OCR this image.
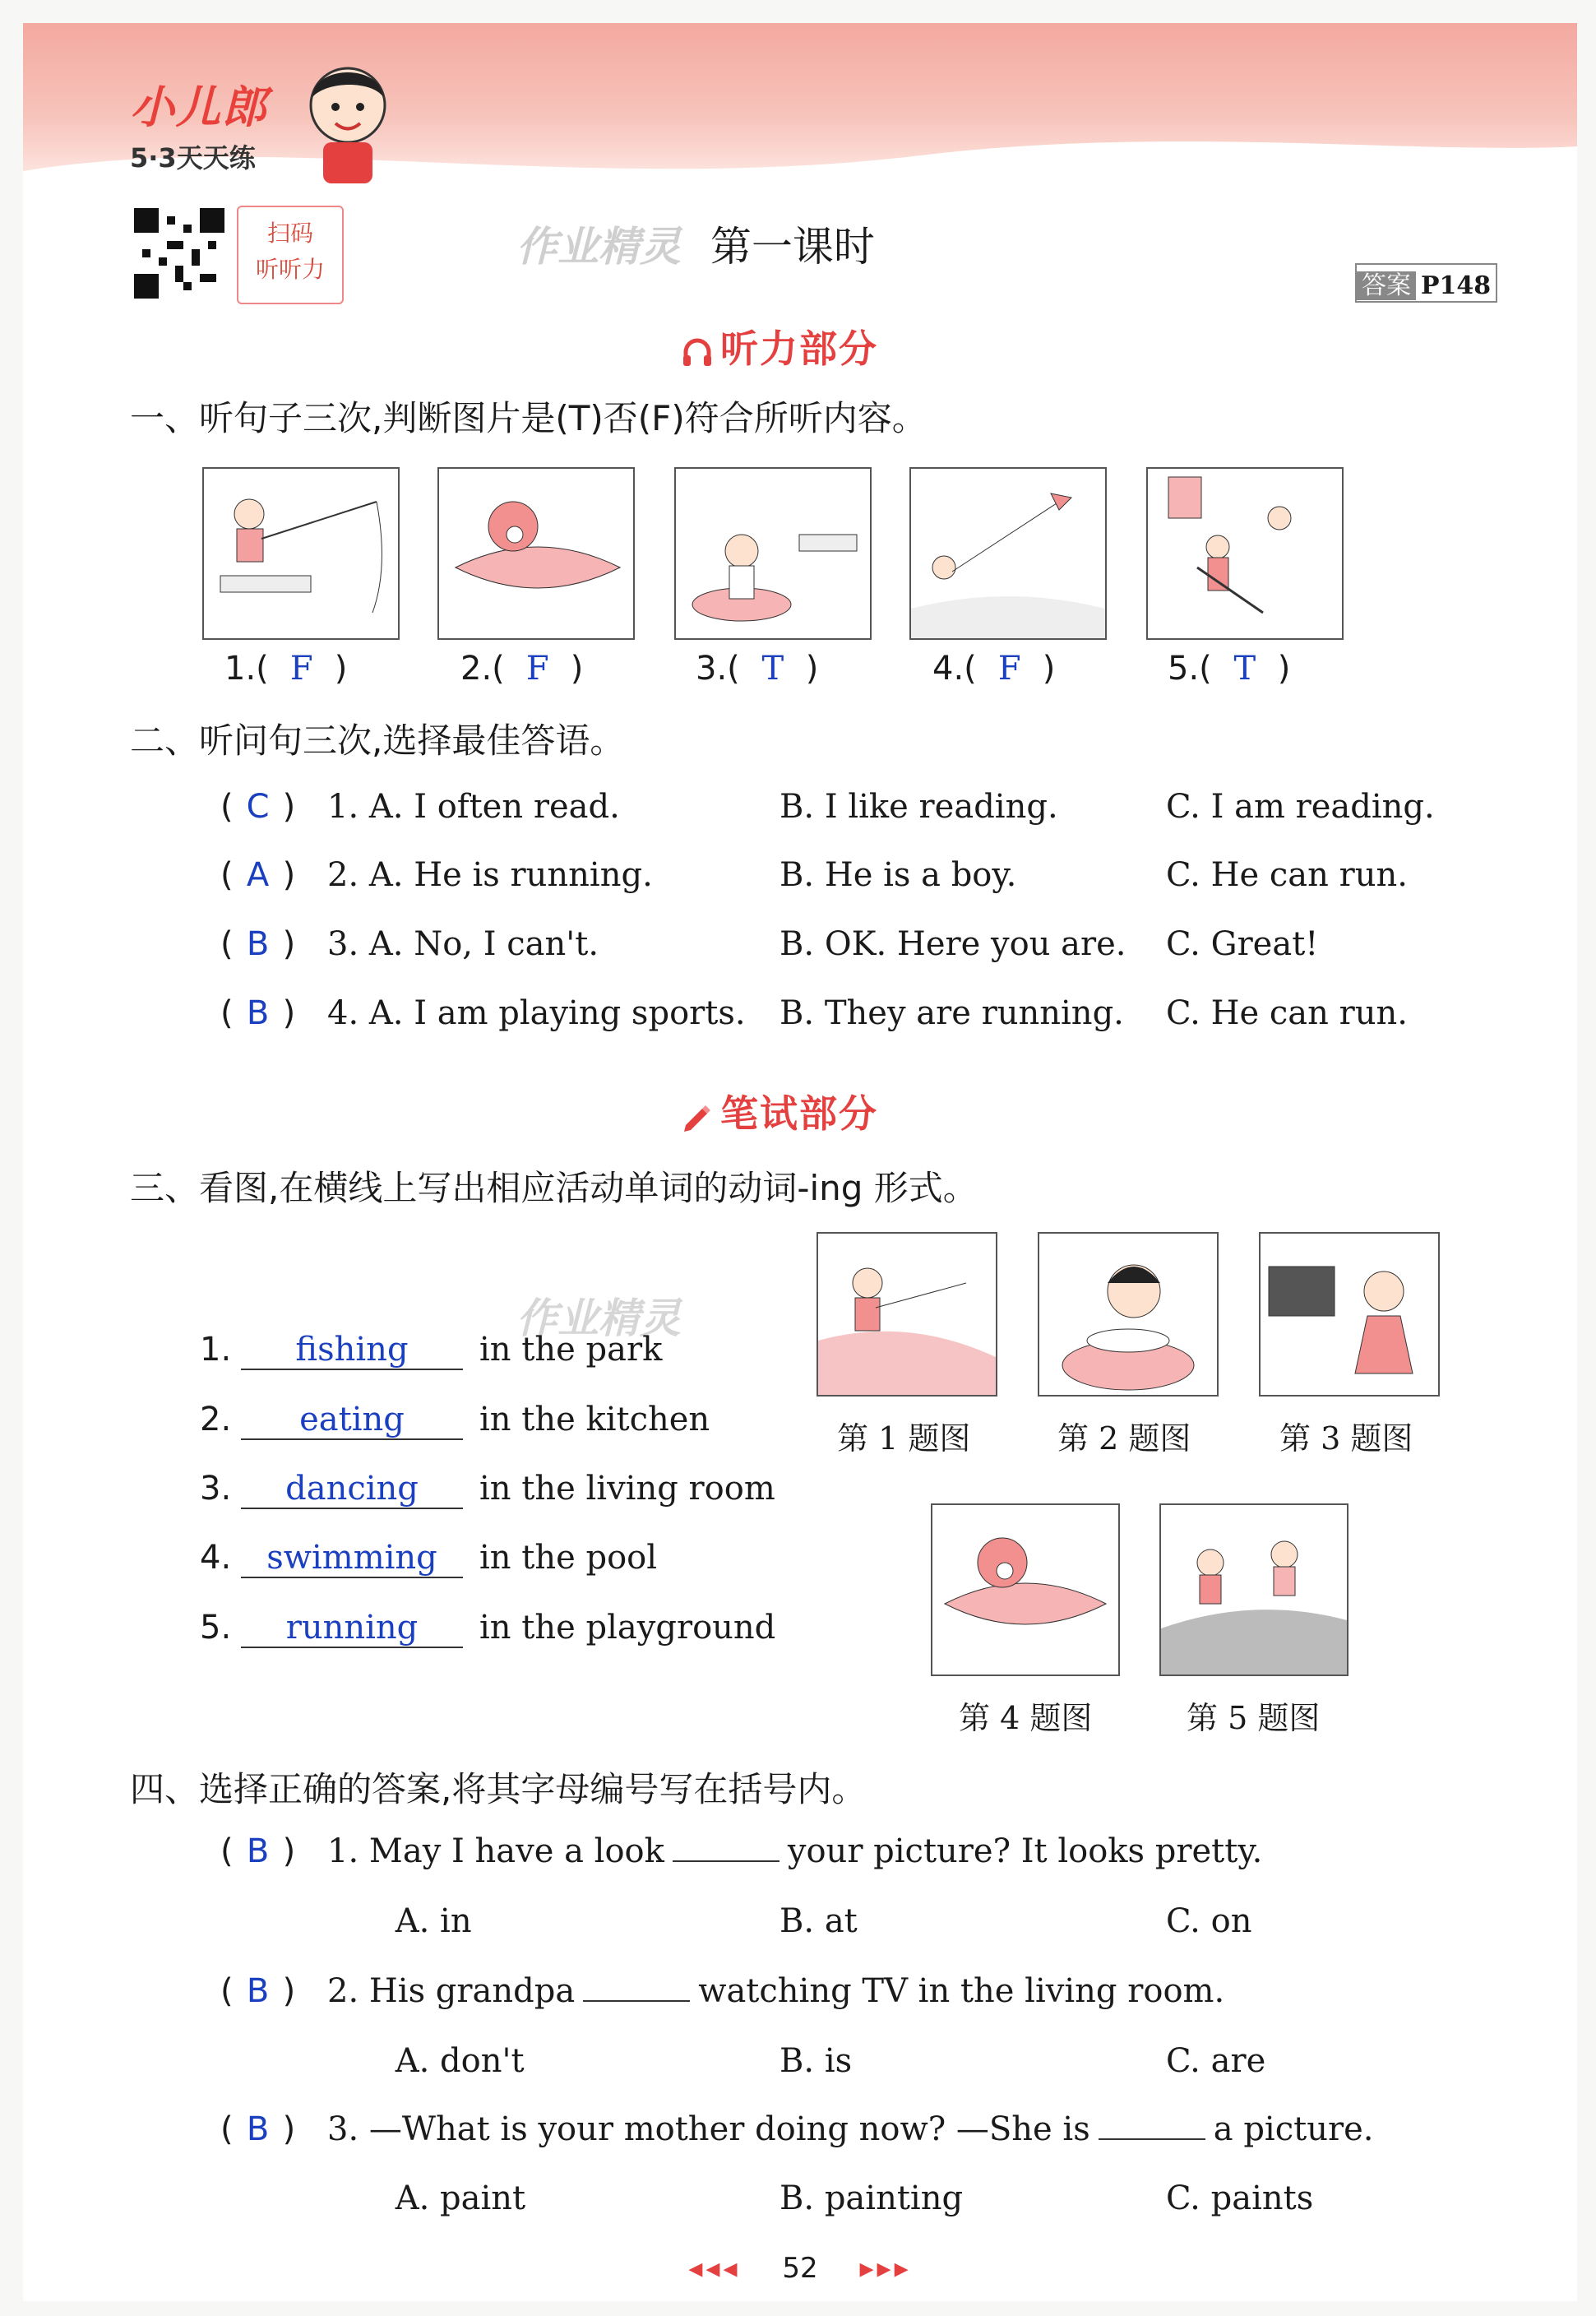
小儿郎
5·3天天练
扫码
听听力	作业精灵 第一课时
答案 P148
听力部分
一、听句子三次,判断图片是(T)否(F)符合所听内容。
1.( F )	2.( F )	3.( T )	4.( F )	5.( T )
二、听问句三次,选择最佳答语。
( C ) 1. A. I often read.	B. I like reading.	C. I am reading.
( A ) 2. A. He is running.	B. He is a boy.	C. He can run.
( B ) 3. A. No, I can't.	B. OK. Here you are. C. Great!
( B ) 4. A. I am playing sports. B. They are running. C. He can run.
笔试部分
三、看图,在横线上写出相应活动单词的动词-ing 形式。
作业精灵
1. fishing in the park
2. eating in the kitchen
3. dancing in the living room
4. swimming in the pool
5. running in the playground
第 1 题图	第 2 题图	第 3 题图
第 4 题图	第 5 题图
四、选择正确的答案,将其字母编号写在括号内。
( B ) 1. May I have a look	your picture? It looks pretty.
A. in	B. at	C. on
( B ) 2. His grandpa	watching TV in the living room.
A. don't	B. is	C. are
( B ) 3. —What is your mother doing now? —She is	a picture.
A. paint	B. painting	C. paints
◂◂◂ 52 ▸▸▸
